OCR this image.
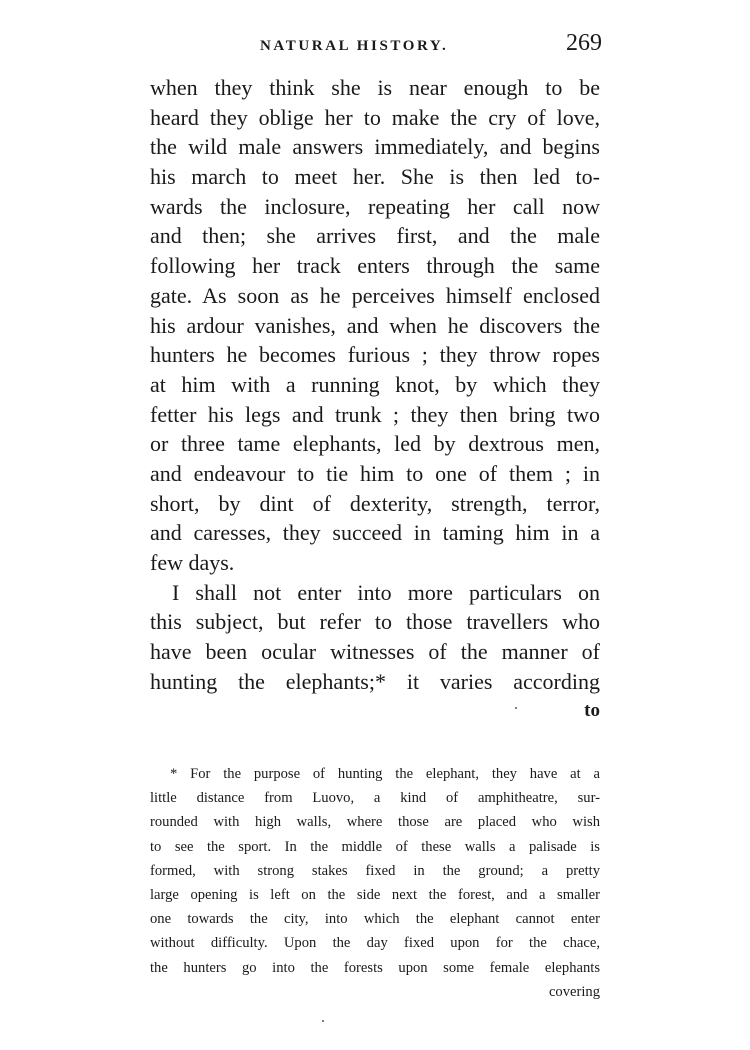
NATURAL HISTORY.	269
when they think she is near enough to be
heard they oblige her to make the cry of love,
the wild male answers immediately, and begins
his march to meet her. She is then led to-
wards the inclosure, repeating her call now
and then; she arrives first, and the male
following her track enters through the same
gate. As soon as he perceives himself enclosed
his ardour vanishes, and when he discovers the
hunters he becomes furious ; they throw ropes
at him with a running knot, by which they
fetter his legs and trunk ; they then bring two
or three tame elephants, led by dextrous men,
and endeavour to tie him to one of them ; in
short, by dint of dexterity, strength, terror,
and caresses, they succeed in taming him in a
few days.
I shall not enter into more particulars on
this subject, but refer to those travellers who
have been ocular witnesses of the manner of
hunting the elephants;* it varies according
to
* For the purpose of hunting the elephant, they have at a
little distance from Luovo, a kind of amphitheatre, sur-
rounded with high walls, where those are placed who wish
to see the sport. In the middle of these walls a palisade is
formed, with strong stakes fixed in the ground; a pretty
large opening is left on the side next the forest, and a smaller
one towards the city, into which the elephant cannot enter
without difficulty. Upon the day fixed upon for the chace,
the hunters go into the forests upon some female elephants
covering
